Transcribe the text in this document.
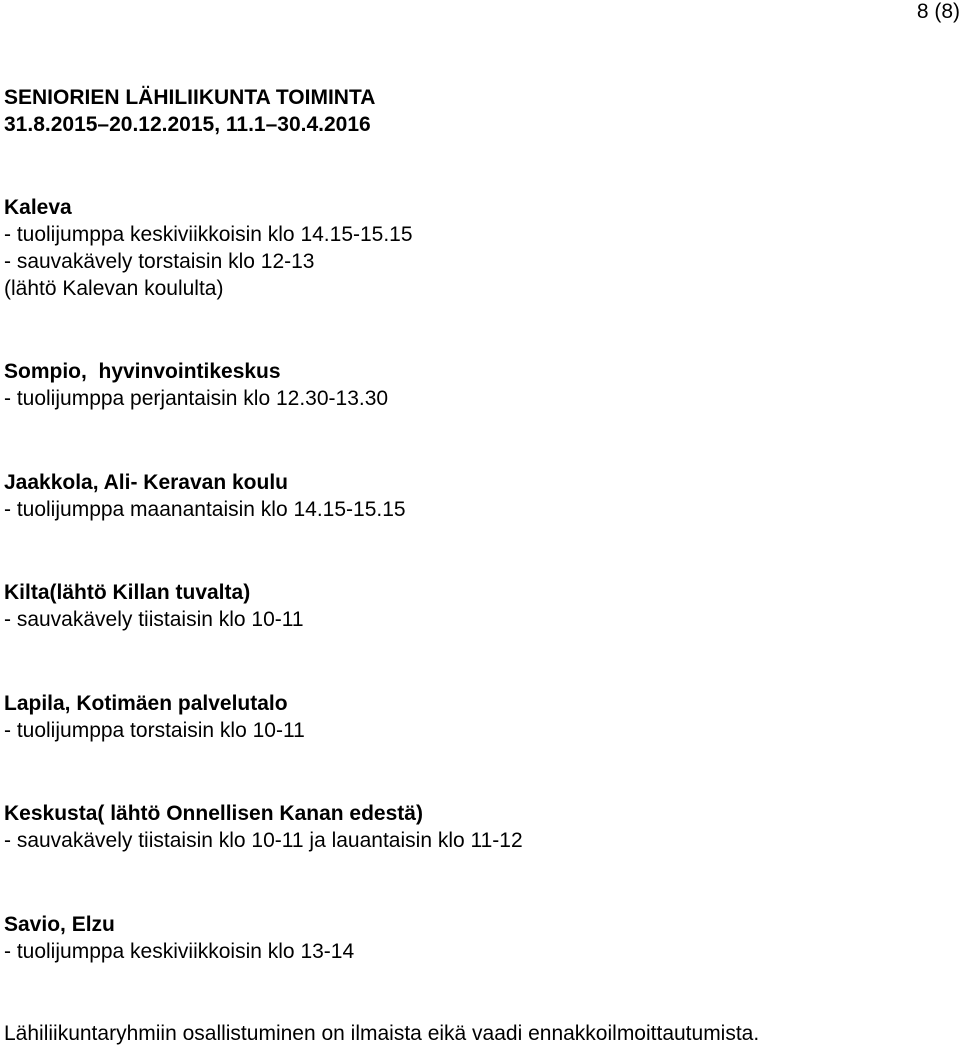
8 (8)
SENIORIEN LÄHILIIKUNTA TOIMINTA
31.8.2015–20.12.2015, 11.1–30.4.2016
Kaleva
- tuolijumppa keskiviikkoisin klo 14.15-15.15
- sauvakävely torstaisin klo 12-13
(lähtö Kalevan koululta)
Sompio,  hyvinvointikeskus
- tuolijumppa perjantaisin klo 12.30-13.30
Jaakkola, Ali- Keravan koulu
- tuolijumppa maanantaisin klo 14.15-15.15
Kilta(lähtö Killan tuvalta)
- sauvakävely tiistaisin klo 10-11
Lapila, Kotimäen palvelutalo
- tuolijumppa torstaisin klo 10-11
Keskusta( lähtö Onnellisen Kanan edestä)
- sauvakävely tiistaisin klo 10-11 ja lauantaisin klo 11-12
Savio, Elzu
- tuolijumppa keskiviikkoisin klo 13-14
Lähiliikuntaryhmiin osallistuminen on ilmaista eikä vaadi ennakkoilmoittautumista.
